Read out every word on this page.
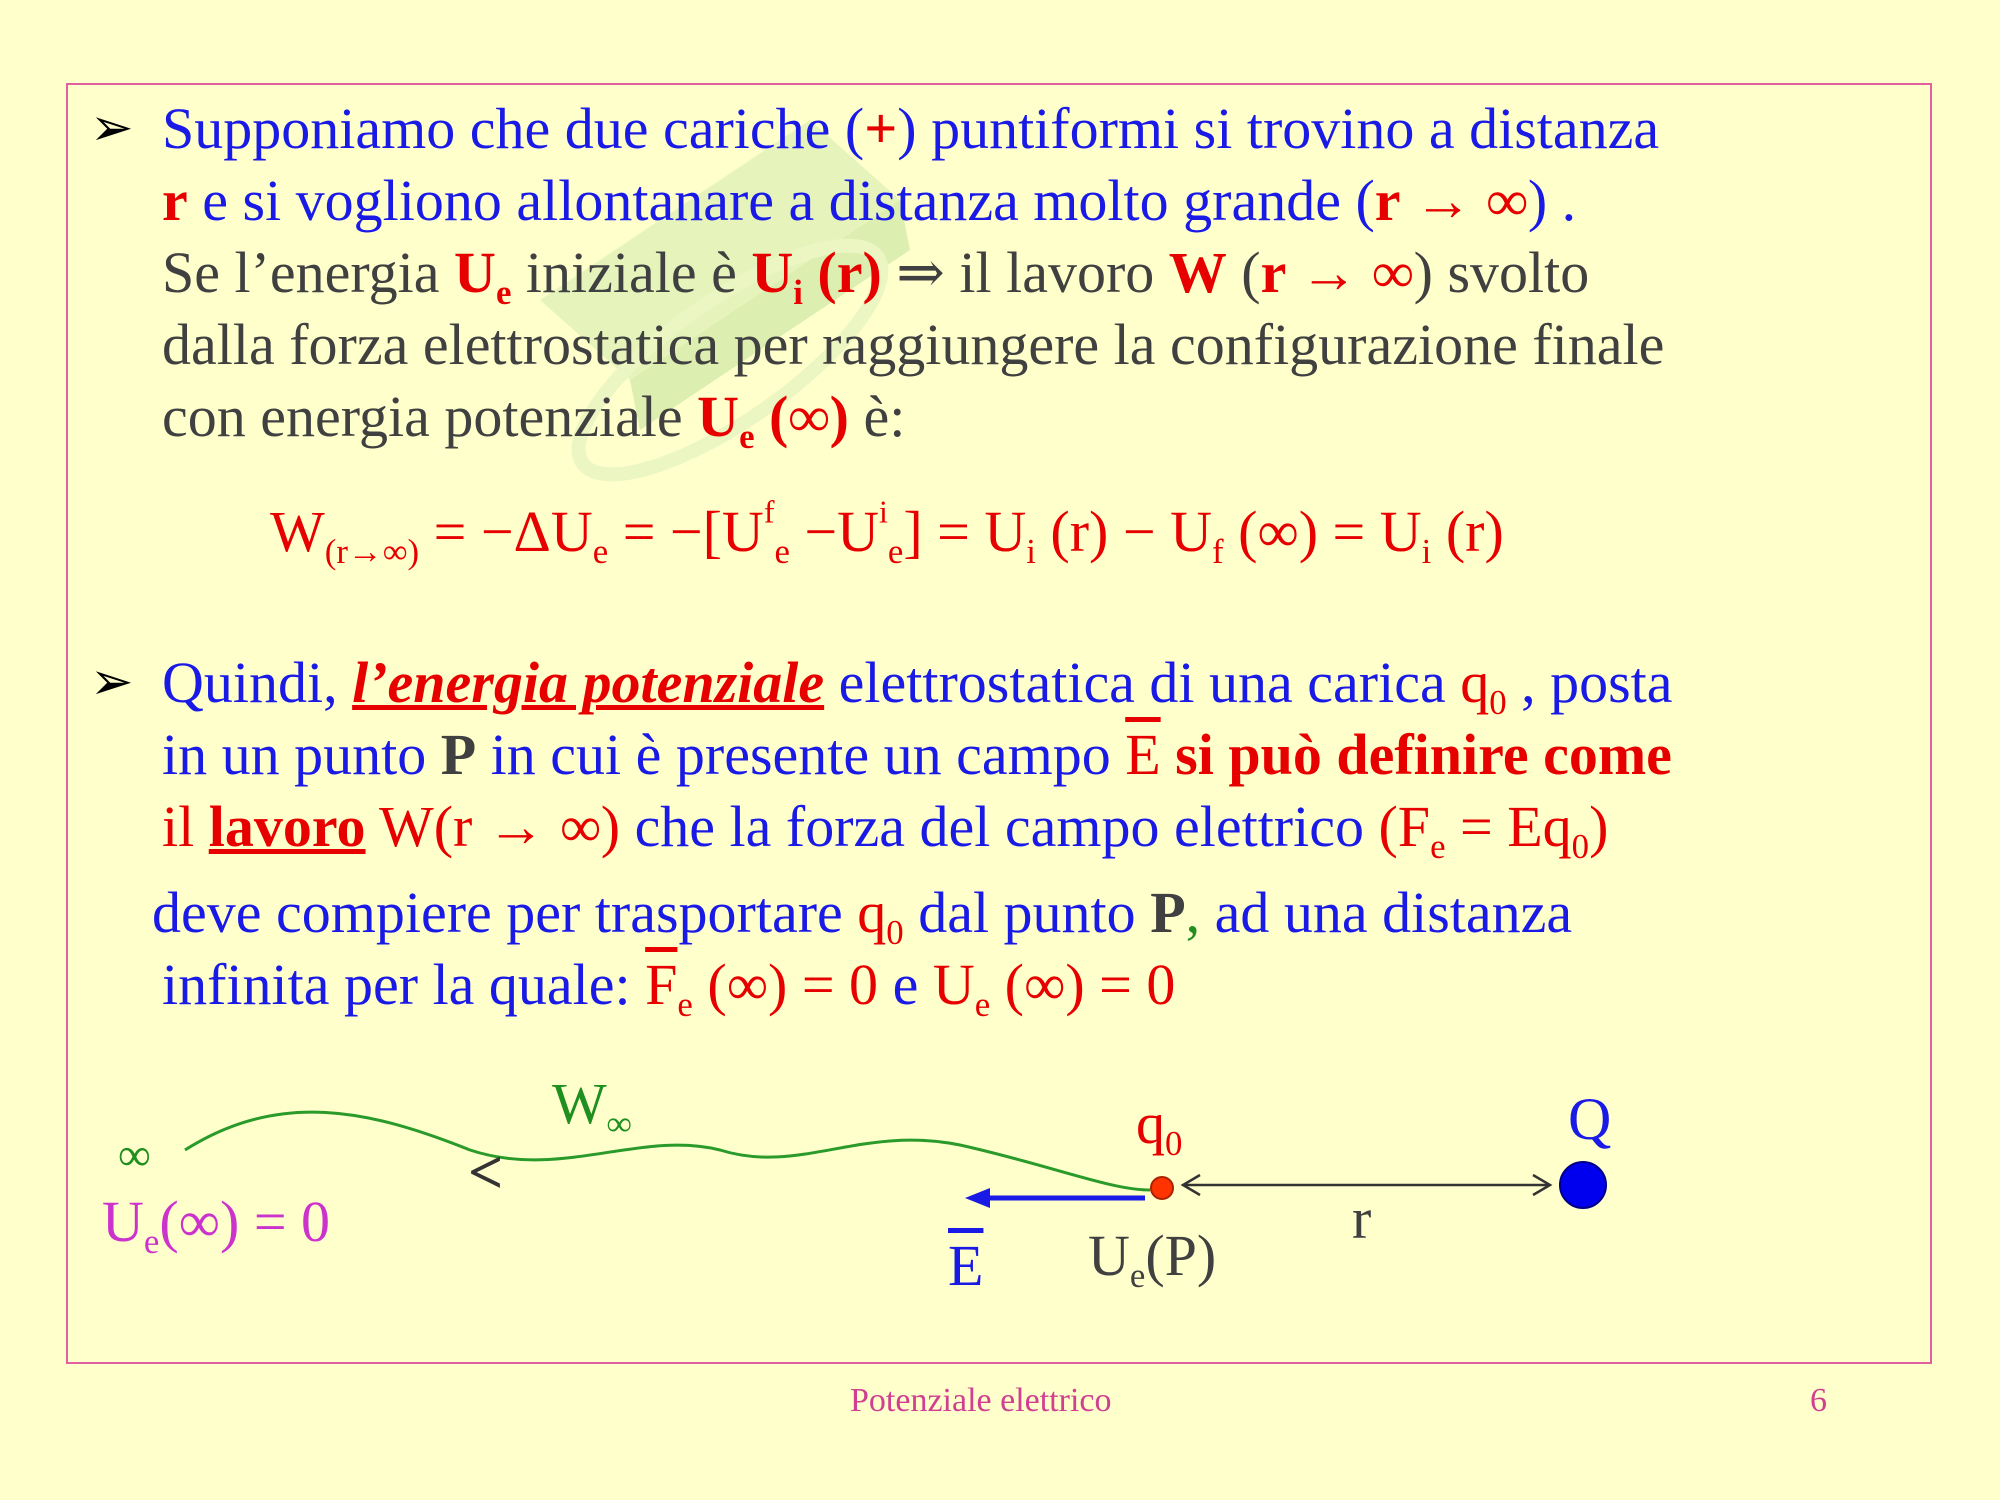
➢ Supponiamo che due cariche (+) puntiformi si trovino a distanza
r e si vogliono allontanare a distanza molto grande (r → ∞) .
Se l’energia $U_e$ iniziale è $U_i$ (r) ⇒ il lavoro W (r → ∞) svolto
dalla forza elettrostatica per raggiungere la configurazione finale
con energia potenziale $U_e$ (∞) è:
$W_{(r\to\infty)} = -\Delta U_e = -[U^f_e -U^i_e] = U_i$ $(r) - U_f$ (∞) = $U_i$ (r)
➢ Quindi, l’energia potenziale elettrostatica di una carica $q_0$ , posta
in un punto P in cui è presente un campo $\overline{E}$ si può definire come
il lavoro W(r → ∞) che la forza del campo elettrico $(F_e = Eq_0)$
deve compiere per trasportare $q_0$ dal punto P, ad una distanza
infinita per la quale: $\overline{F}_e$ (∞) = 0 e $U_e$ (∞) = 0
∞
$U_e(\infty) = 0$
<
$W_\infty$	$q_0$	Q
r
$\overline{E}$ $U_e(P)$
Potenziale elettrico	6
